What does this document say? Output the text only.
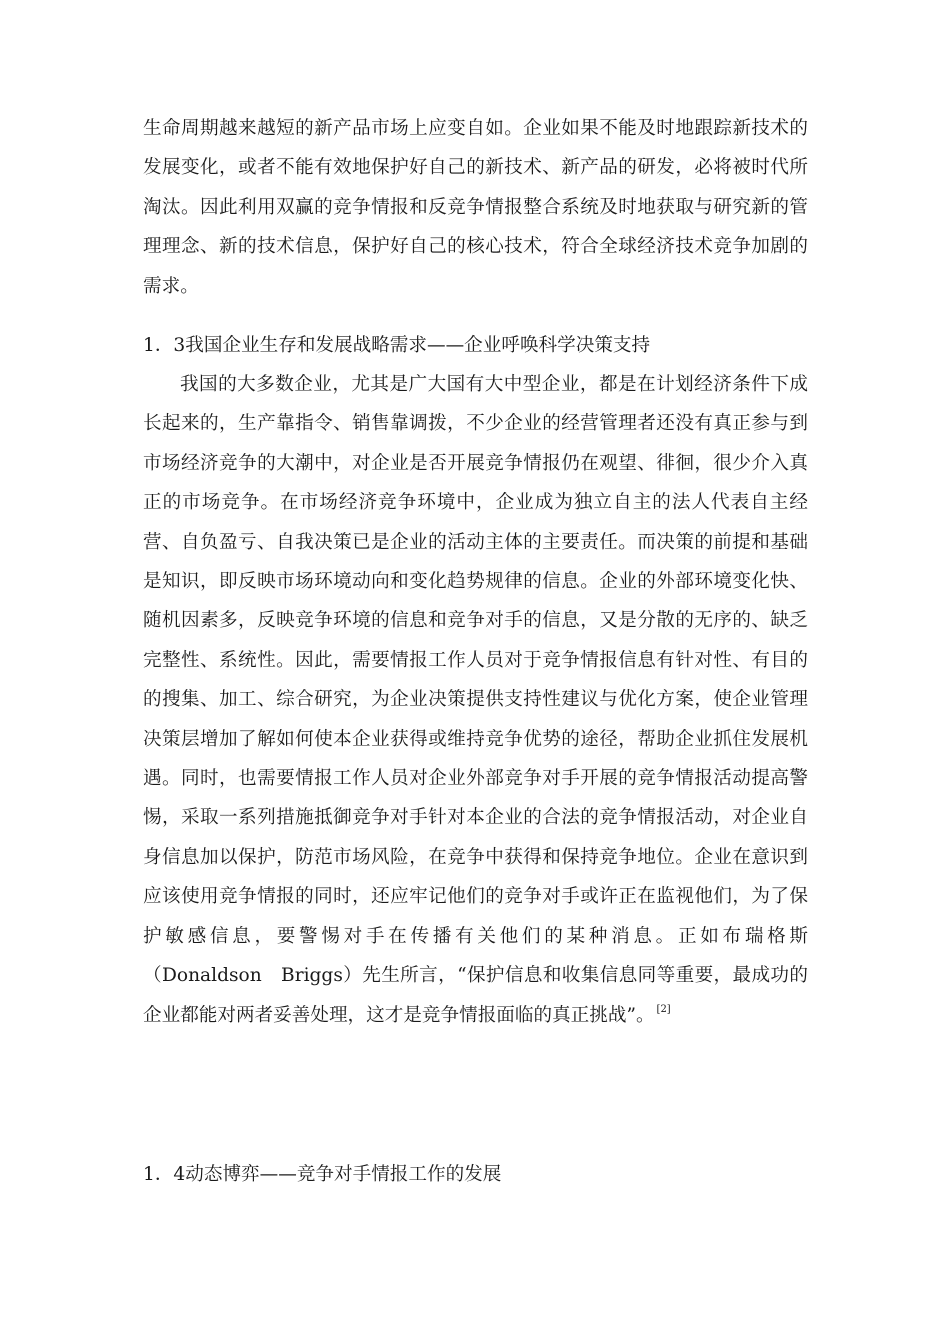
生命周期越来越短的新产品市场上应变自如。企业如果不能及时地跟踪新技术的发展变化，或者不能有效地保护好自己的新技术、新产品的研发，必将被时代所淘汰。因此利用双赢的竞争情报和反竞争情报整合系统及时地获取与研究新的管理理念、新的技术信息，保护好自己的核心技术，符合全球经济技术竞争加剧的需求。

1．3我国企业生存和发展战略需求——企业呼唤科学决策支持

我国的大多数企业，尤其是广大国有大中型企业，都是在计划经济条件下成长起来的，生产靠指令、销售靠调拨，不少企业的经营管理者还没有真正参与到市场经济竞争的大潮中，对企业是否开展竞争情报仍在观望、徘徊，很少介入真正的市场竞争。在市场经济竞争环境中，企业成为独立自主的法人代表自主经营、自负盈亏、自我决策已是企业的活动主体的主要责任。而决策的前提和基础是知识，即反映市场环境动向和变化趋势规律的信息。企业的外部环境变化快、随机因素多，反映竞争环境的信息和竞争对手的信息，又是分散的无序的、缺乏完整性、系统性。因此，需要情报工作人员对于竞争情报信息有针对性、有目的的搜集、加工、综合研究，为企业决策提供支持性建议与优化方案，使企业管理决策层增加了解如何使本企业获得或维持竞争优势的途径，帮助企业抓住发展机遇。同时，也需要情报工作人员对企业外部竞争对手开展的竞争情报活动提高警惕，采取一系列措施抵御竞争对手针对本企业的合法的竞争情报活动，对企业自身信息加以保护，防范市场风险，在竞争中获得和保持竞争地位。企业在意识到应该使用竞争情报的同时，还应牢记他们的竞争对手或许正在监视他们，为了保护敏感信息，要警惕对手在传播有关他们的某种消息。正如布瑞格斯（Donaldson　Briggs）先生所言，“保护信息和收集信息同等重要，最成功的企业都能对两者妥善处理，这才是竞争情报面临的真正挑战”。 [2]

1．4动态博弈——竞争对手情报工作的发展
